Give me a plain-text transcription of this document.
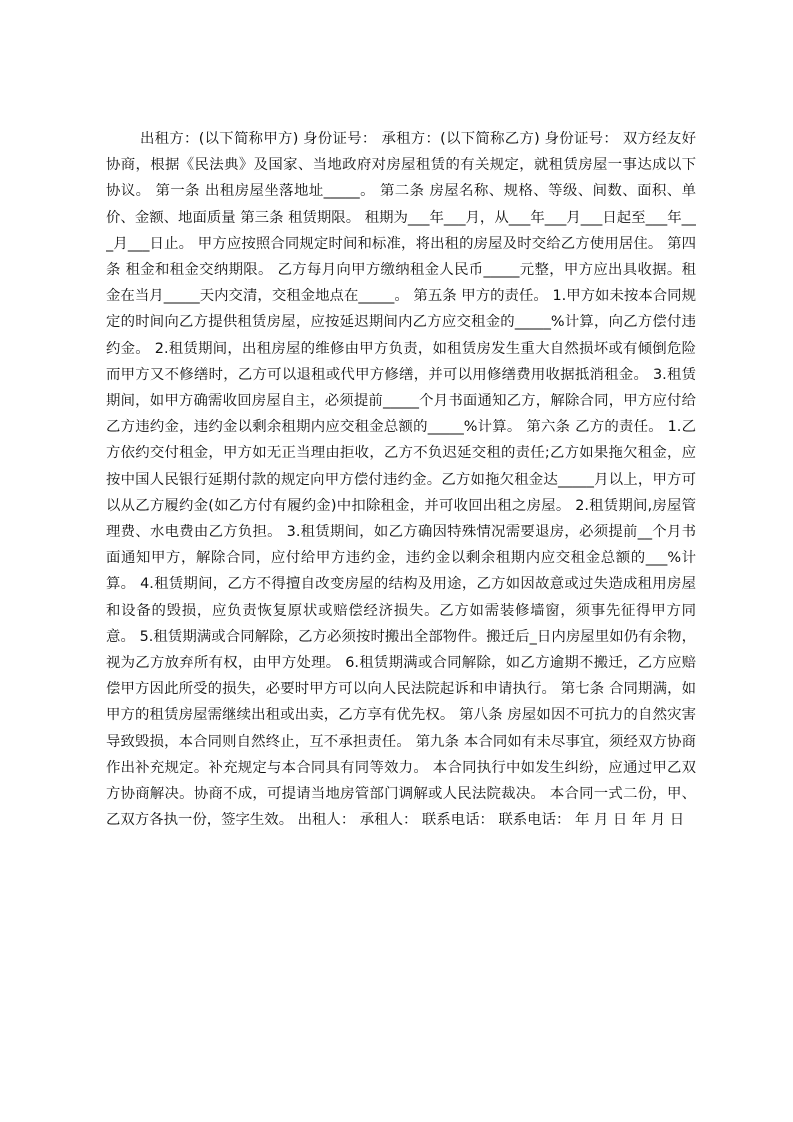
出租方：(以下简称甲方) 身份证号： 承租方：(以下简称乙方) 身份证号： 双方经友好协商，根据《民法典》及国家、当地政府对房屋租赁的有关规定，就租赁房屋一事达成以下协议。 第一条 出租房屋坐落地址_____。 第二条 房屋名称、规格、等级、间数、面积、单价、金额、地面质量 第三条 租赁期限。 租期为___年___月，从___年___月___日起至___年___月___日止。 甲方应按照合同规定时间和标准，将出租的房屋及时交给乙方使用居住。 第四条 租金和租金交纳期限。 乙方每月向甲方缴纳租金人民币_____元整，甲方应出具收据。租金在当月_____天内交清，交租金地点在_____。 第五条 甲方的责任。 1.甲方如未按本合同规定的时间向乙方提供租赁房屋，应按延迟期间内乙方应交租金的_____%计算，向乙方偿付违约金。 2.租赁期间，出租房屋的维修由甲方负责，如租赁房发生重大自然损坏或有倾倒危险而甲方又不修缮时，乙方可以退租或代甲方修缮，并可以用修缮费用收据抵消租金。 3.租赁期间，如甲方确需收回房屋自主，必须提前_____个月书面通知乙方，解除合同，甲方应付给乙方违约金，违约金以剩余租期内应交租金总额的_____%计算。 第六条 乙方的责任。 1.乙方依约交付租金，甲方如无正当理由拒收，乙方不负迟延交租的责任;乙方如果拖欠租金，应按中国人民银行延期付款的规定向甲方偿付违约金。乙方如拖欠租金达_____月以上，甲方可以从乙方履约金(如乙方付有履约金)中扣除租金，并可收回出租之房屋。 2.租赁期间,房屋管理费、水电费由乙方负担。 3.租赁期间，如乙方确因特殊情况需要退房，必须提前__个月书面通知甲方，解除合同，应付给甲方违约金，违约金以剩余租期内应交租金总额的___%计算。 4.租赁期间，乙方不得擅自改变房屋的结构及用途，乙方如因故意或过失造成租用房屋和设备的毁损，应负责恢复原状或赔偿经济损失。乙方如需装修墙窗，须事先征得甲方同意。 5.租赁期满或合同解除，乙方必须按时搬出全部物件。搬迁后_日内房屋里如仍有余物，视为乙方放弃所有权，由甲方处理。 6.租赁期满或合同解除，如乙方逾期不搬迁，乙方应赔偿甲方因此所受的损失，必要时甲方可以向人民法院起诉和申请执行。 第七条 合同期满，如甲方的租赁房屋需继续出租或出卖，乙方享有优先权。 第八条 房屋如因不可抗力的自然灾害导致毁损，本合同则自然终止，互不承担责任。 第九条 本合同如有未尽事宜，须经双方协商作出补充规定。补充规定与本合同具有同等效力。 本合同执行中如发生纠纷，应通过甲乙双方协商解决。协商不成，可提请当地房管部门调解或人民法院裁决。 本合同一式二份，甲、乙双方各执一份，签字生效。 出租人： 承租人： 联系电话： 联系电话： 年 月 日 年 月 日
